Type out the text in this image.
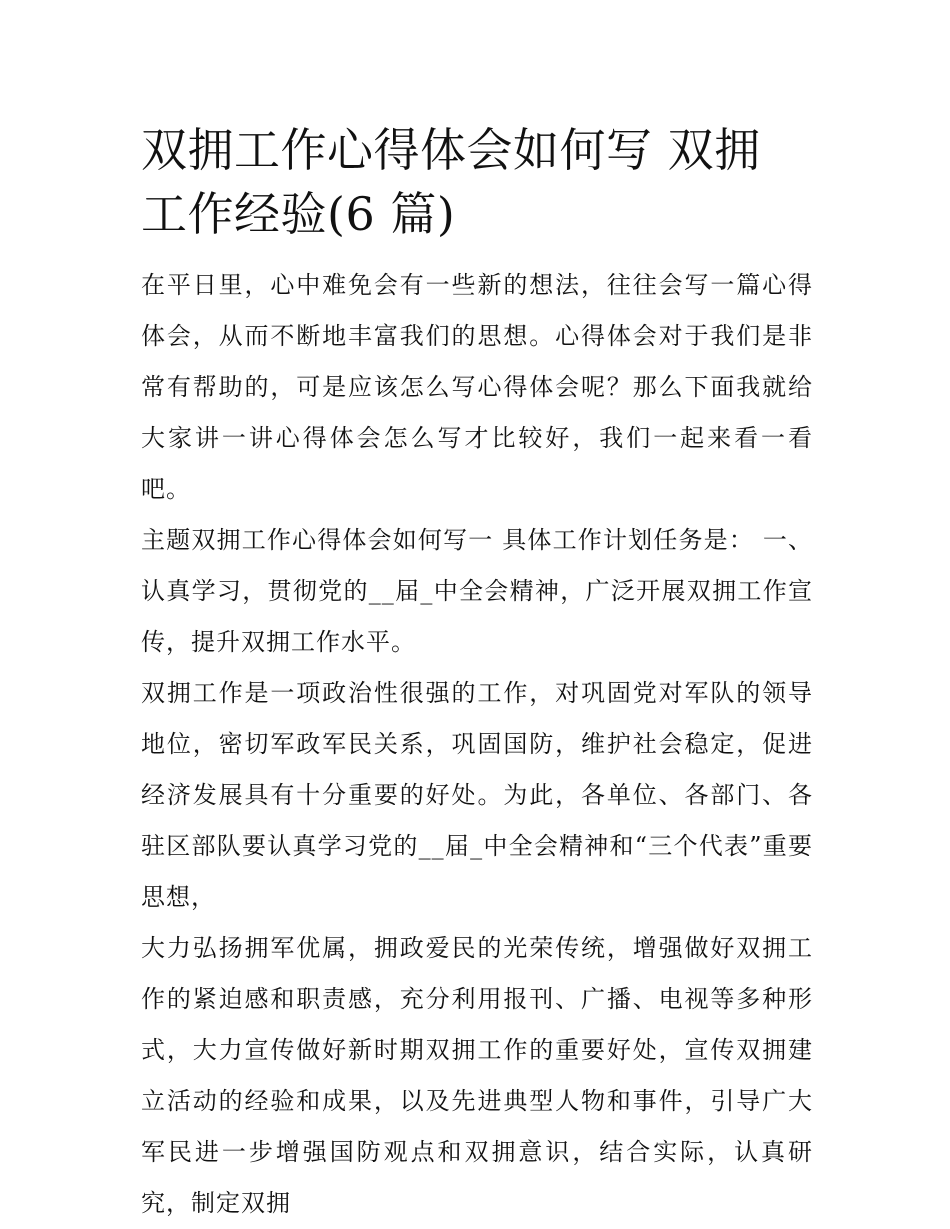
双拥工作心得体会如何写 双拥
工作经验(6 篇)

在平日里，心中难免会有一些新的想法，往往会写一篇心得体会，从而不断地丰富我们的思想。心得体会对于我们是非常有帮助的，可是应该怎么写心得体会呢？那么下面我就给大家讲一讲心得体会怎么写才比较好，我们一起来看一看吧。

主题双拥工作心得体会如何写一 具体工作计划任务是： 一、认真学习，贯彻党的__届_中全会精神，广泛开展双拥工作宣传，提升双拥工作水平。

双拥工作是一项政治性很强的工作，对巩固党对军队的领导地位，密切军政军民关系，巩固国防，维护社会稳定，促进经济发展具有十分重要的好处。为此，各单位、各部门、各驻区部队要认真学习党的__届_中全会精神和“三个代表”重要思想，

大力弘扬拥军优属，拥政爱民的光荣传统，增强做好双拥工作的紧迫感和职责感，充分利用报刊、广播、电视等多种形式，大力宣传做好新时期双拥工作的重要好处，宣传双拥建立活动的经验和成果，以及先进典型人物和事件，引导广大军民进一步增强国防观点和双拥意识，结合实际，认真研究，制定双拥
